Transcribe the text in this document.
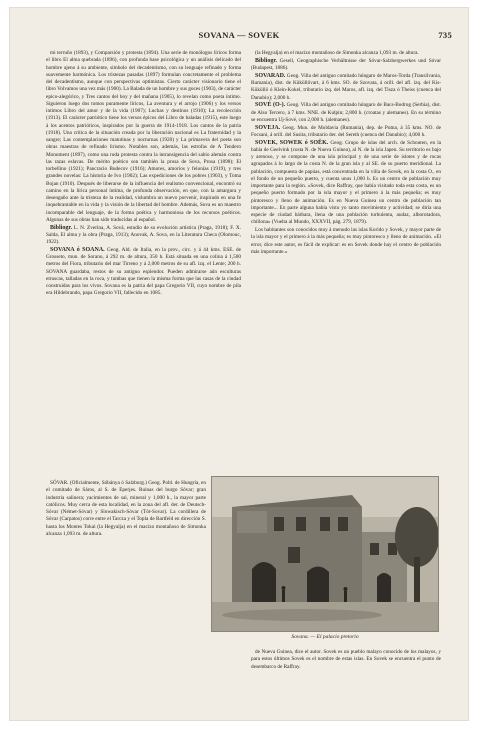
SOVANA — SOVEK	735

mi terruño (1893), y Comparsión y protesta (1894). Una serie de monólogos líricos forma el libro El alma quebrada (1896), con profunda base psicológica y un análisis delicado del hombre ajeno á su ambiente, símbolo del decadentismo, con su lenguaje refinado y forma suavemente harmónica. Los tristezas pasadas (1897) formulan concretamente el problema del decadentismo, aunque con perspectivas optimistas. Cierto carácter visionario tiene el libro Volvamos una vez más (1900). La Balada de un hombre y sus goces (1903), de carácter epico-alegórico, y Tres cantos del hoy y del mañana (1905), lo revelan como poeta íntimo. Siguieron luego dos tomos puramente líricos, La aventura y el arrojo (1906) y los versos intimos Libro del amor y de la vida (1907); Luchas y destinos (1910); La recolección (1913). El carácter patriótico tiene los versos épicos del Libro de baladas (1915), este luego á los acentos patrióticos, inspirados por la guerra de 1914-1918. Los cantos de la patria (1918). Una crítica de la situación creada por la liberación nacional es La fraternidad y la sangre; Las contemplaciones matutinas y nocturnas (1920) y La primavera del poeta son obras maestras de refinado lirismo. Notables son, además, las estrofas de A Tendero Monument (1897), como una roda protesta contra la intransigencia del sabio alemán contra las razas eslavas. De mérito poético son también la prosa de Sova, Prosa (1898); El torbellino (1921); Pancracio Budecov (1916); Amores, amoríos y felonías (1919), y tres grandes novelas: La historia de Ivo (1902); Las expediciones de los pobres (1903), y Toma Bojan (1910). Después de liberarse de la influencia del realismo convencional, encontró su camino en la lírica personal íntima, de profunda observación, en que, con la amargura y desengaño ante la tristeza de la realidad, vislumbra un nuevo porvenir, inspirado en una fe inquebrantable en la vida y la visión de la libertad del hombre. Además, Sova es un maestro incomparable del lenguaje, de la forma poética y harmoniosa de los recursos poéticos. Algunas de sus obras han sido traducidas al español.

Bibliogr. L. N. Zverina, A. Sová, estudio de su evolución artística (Praga, 1918); F. X. Salda, El alma y la obra (Praga, 1913); Anovak, A. Sova, en la Literatura Checa (Olomouc, 1922).

SOVANA ó SOANA. Geog. Ald. de Italia, en la prov., circ. y á 44 kms. ESE. de Grosseto, mun. de Sorano, á 292 m. de altura, 350 h. Está situada en una colina á 1,500 metros del Fiora, tributario del mar Tirreno y á 2,000 metros de su afl. izq. el Lente; 200 h. SOVANA guardaba, restos de su antiguo esplendor. Pueden admirarse aún esculturas etruscas, talladas en la roca, y tumbas que tienen la misma forma que las casas de la ciudad construidas para los vivos. Sovana es la patria del papa Gregorio VII, cuyo nombre de pila era Hildebrando, papa Gregorio VII, fallecido en 1085.

SÓVAR. (Oficialmente, Sóbánya ó Salzburg.) Geog. Pobl. de Hungría, en el comitado de Sáros, al S. de Eperjes. Ruinas del burgo Sóvar; gran industria salinera; yacimientos de sal, mineral y 1,000 h., la mayor parte católicos. Muy cerca de esta localidad, en la zona del afl. der. de Deutsch-Sóvar (Német-Sóvar) y Slowakisch-Sóvar (Tót-Sovar). La cordillera de Sóvar (Carpatos) corre entre el Tarcza y el Topla de Bartfeld en dirección S. hasta los Montes Tokai (la Hegyalja) en el macizo montañoso de Simonka alcanza 1,093 m. de altura.

(la Hegyalja) en el macizo montañoso de Simonka alcanza 1,093 m. de altura.

Bibliogr. Gesell, Geographische Verhältnisse der Sóvar-Salzbergwerkes und Sóvar (Budapest, 1886).

SOVARAD. Geog. Villa del antiguo comitado húngaro de Maros-Torda (Transilvania, Rumania), dist. de Küküllövart, á 6 kms. SO. de Szovata, á orill. del afl. izq. del Kis-Küküllö ó Klein-Kokel, tributario izq. del Maros, afl. izq. del Tisza ó Theiss (cuenca del Danubio); 2,000 h.

SOVÉ (O-). Geog. Villa del antiguo comitado húngaro de Bacs-Bodrog (Serbia), dist. de Also Tercero, á 7 kms. NNE. de Kulpin; 2,800 h. (croatas y alemanes). En su término se encuentra Uj-Sové, con 2,000 h. (alemanes).

SOVEJA. Geog. Mun. de Moldavia (Rumania), dep. de Putna, á 35 kms. NO. de Focsani, á orill. del Susita, tributario der. del Sereth (cuenca del Danubio); 4,000 h.

SOVEK, SOWEK ó SOËK. Geog. Grupo de islas del arch. de Schouten, en la bahía de Geelvink (costa N. de Nueva Guinea), al N. de la isla Japen. Su territorio es bajo y arenoso, y se compone de una isla principal y de una serie de islotes y de rocas agrupados á lo largo de la costa N. de la gran isla y al SE. de su puerto meridional. La población, compuesta de papúas, está concentrada en la villa de Sovek, en la costa O., en el fondo de un pequeño puerto, y cuenta unos 1,000 h. Es un centro de población muy importante para la región. «Sovek, dice Raffray, que había visitado toda esta costa, es un pequeño puerto formado por la isla mayor y el primero á la más pequeña; es muy pintoresco y lleno de animación. Es en Nueva Guinea un centro de población tan importante... En parte alguna había visto yo tanto movimiento y actividad; se diría una especie de ciudad bárbara, llena de una población turbulenta, audaz, alborotadora, chillona» (Vuelta al Mundo, XXXVII, pág. 279, 1879).

Los habitantes son conocidos muy á menudo las islas Korido y Sovek, y mayor parte de la isla mayor y el primero á la más pequeña; es muy pintoresco y lleno de animación. «El error, dice este autor, es fácil de explicar: es en Sovek donde hay el centro de población más importante.»

Sovana. — El palacio pretorio

de Nueva Guinea, dice el autor. Sovek es un pueblo malayo conocido de los malayos, y para estos últimos Sovek es el nombre de estas islas. En Sovek se encuentra el punto de desembarco de Raffray.
